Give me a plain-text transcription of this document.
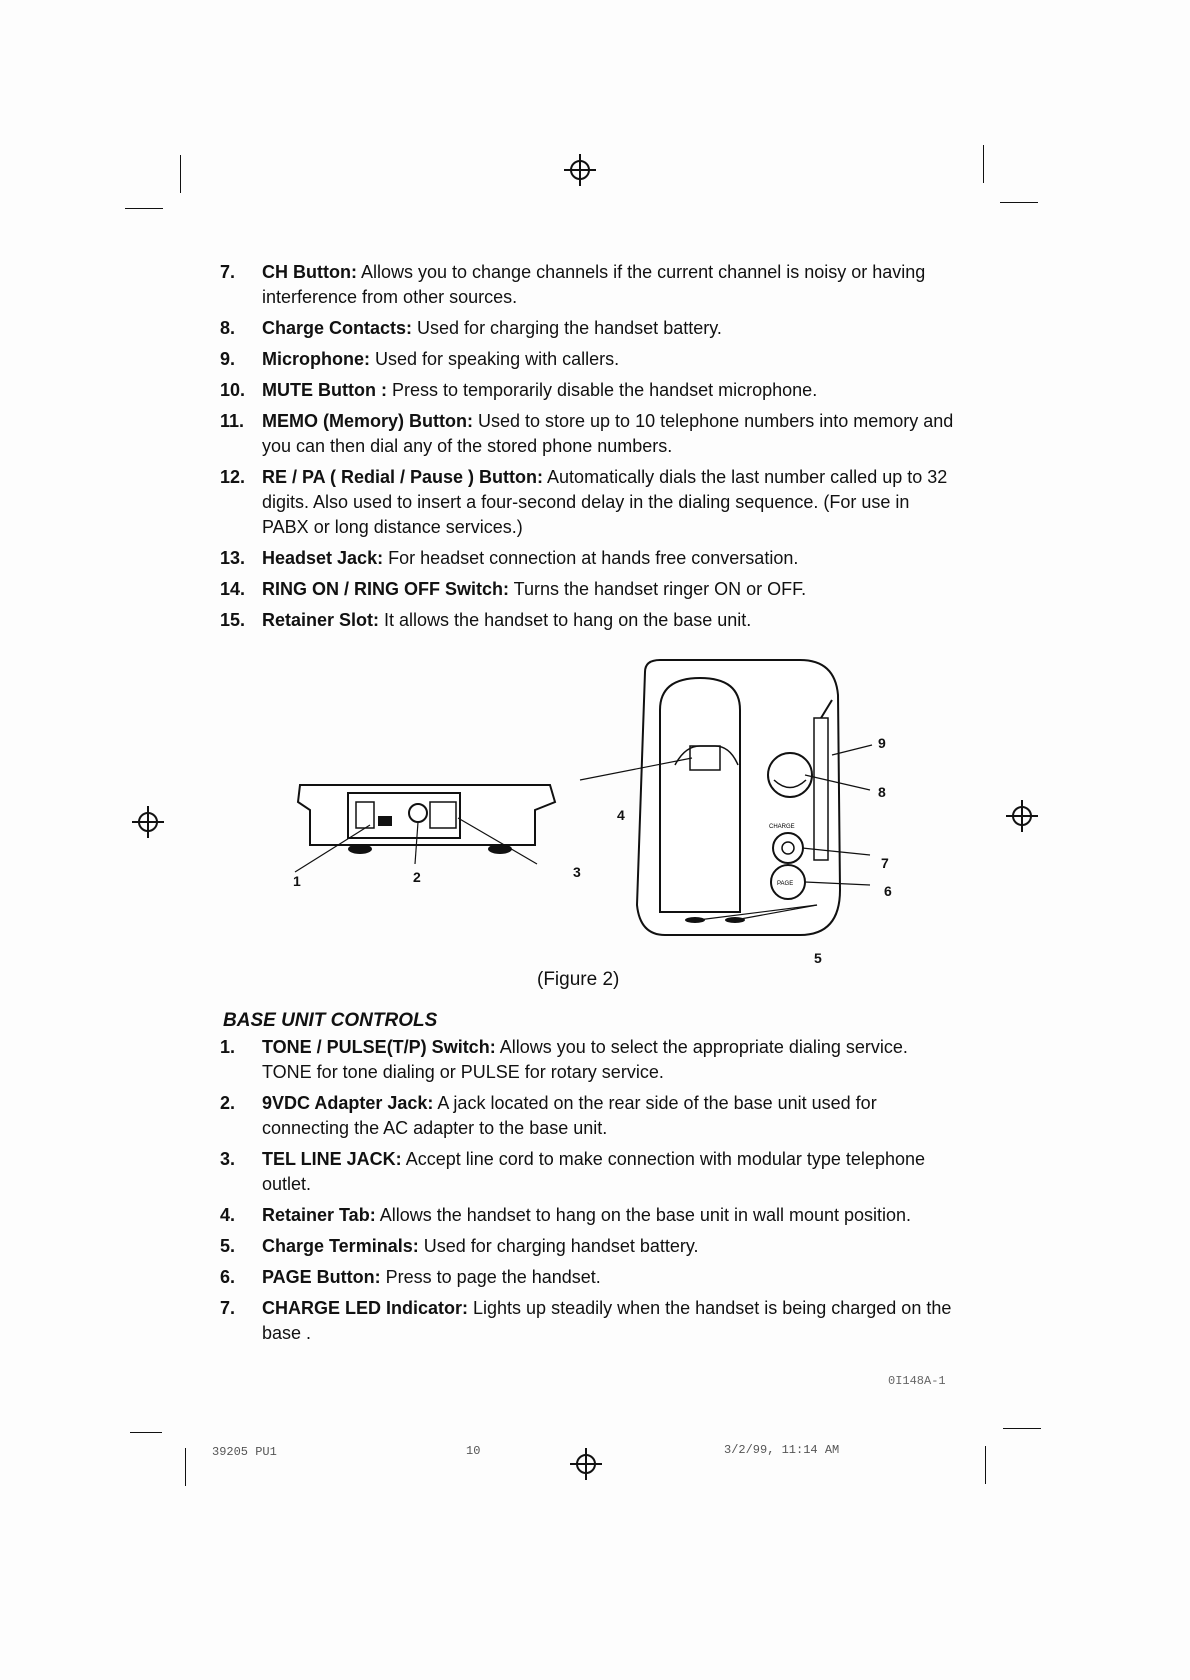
7. CH Button: Allows you to change channels if the current channel is noisy or having interference from other sources.
8. Charge Contacts: Used for charging the handset battery.
9. Microphone: Used for speaking with callers.
10. MUTE Button : Press to temporarily disable the handset microphone.
11. MEMO (Memory) Button: Used to store up to 10 telephone numbers into memory and you can then dial any of the stored phone numbers.
12. RE / PA ( Redial / Pause ) Button: Automatically dials the last number called up to 32 digits. Also used to insert a four-second delay in the dialing sequence. (For use in PABX or long distance services.)
13. Headset Jack: For headset connection at hands free conversation.
14. RING ON / RING OFF Switch: Turns the handset ringer ON or OFF.
15. Retainer Slot: It allows the handset to hang on the base unit.
CHARGE
PAGE
1	2	3
4
5
6
7
8
9
(Figure 2)
BASE UNIT CONTROLS
1. TONE / PULSE(T/P) Switch: Allows you to select the appropriate dialing service. TONE for tone dialing or PULSE for rotary service.
2. 9VDC Adapter Jack: A jack located on the rear side of the base unit used for connecting the AC adapter to the base unit.
3. TEL LINE JACK: Accept line cord to make connection with modular type telephone outlet.
4. Retainer Tab: Allows the handset to hang on the base unit in wall mount position.
5. Charge Terminals: Used for charging handset battery.
6. PAGE Button: Press to page the handset.
7. CHARGE LED Indicator: Lights up steadily when the handset is being charged on the base .
0I148A-1
39205 PU1	10	3/2/99, 11:14 AM
